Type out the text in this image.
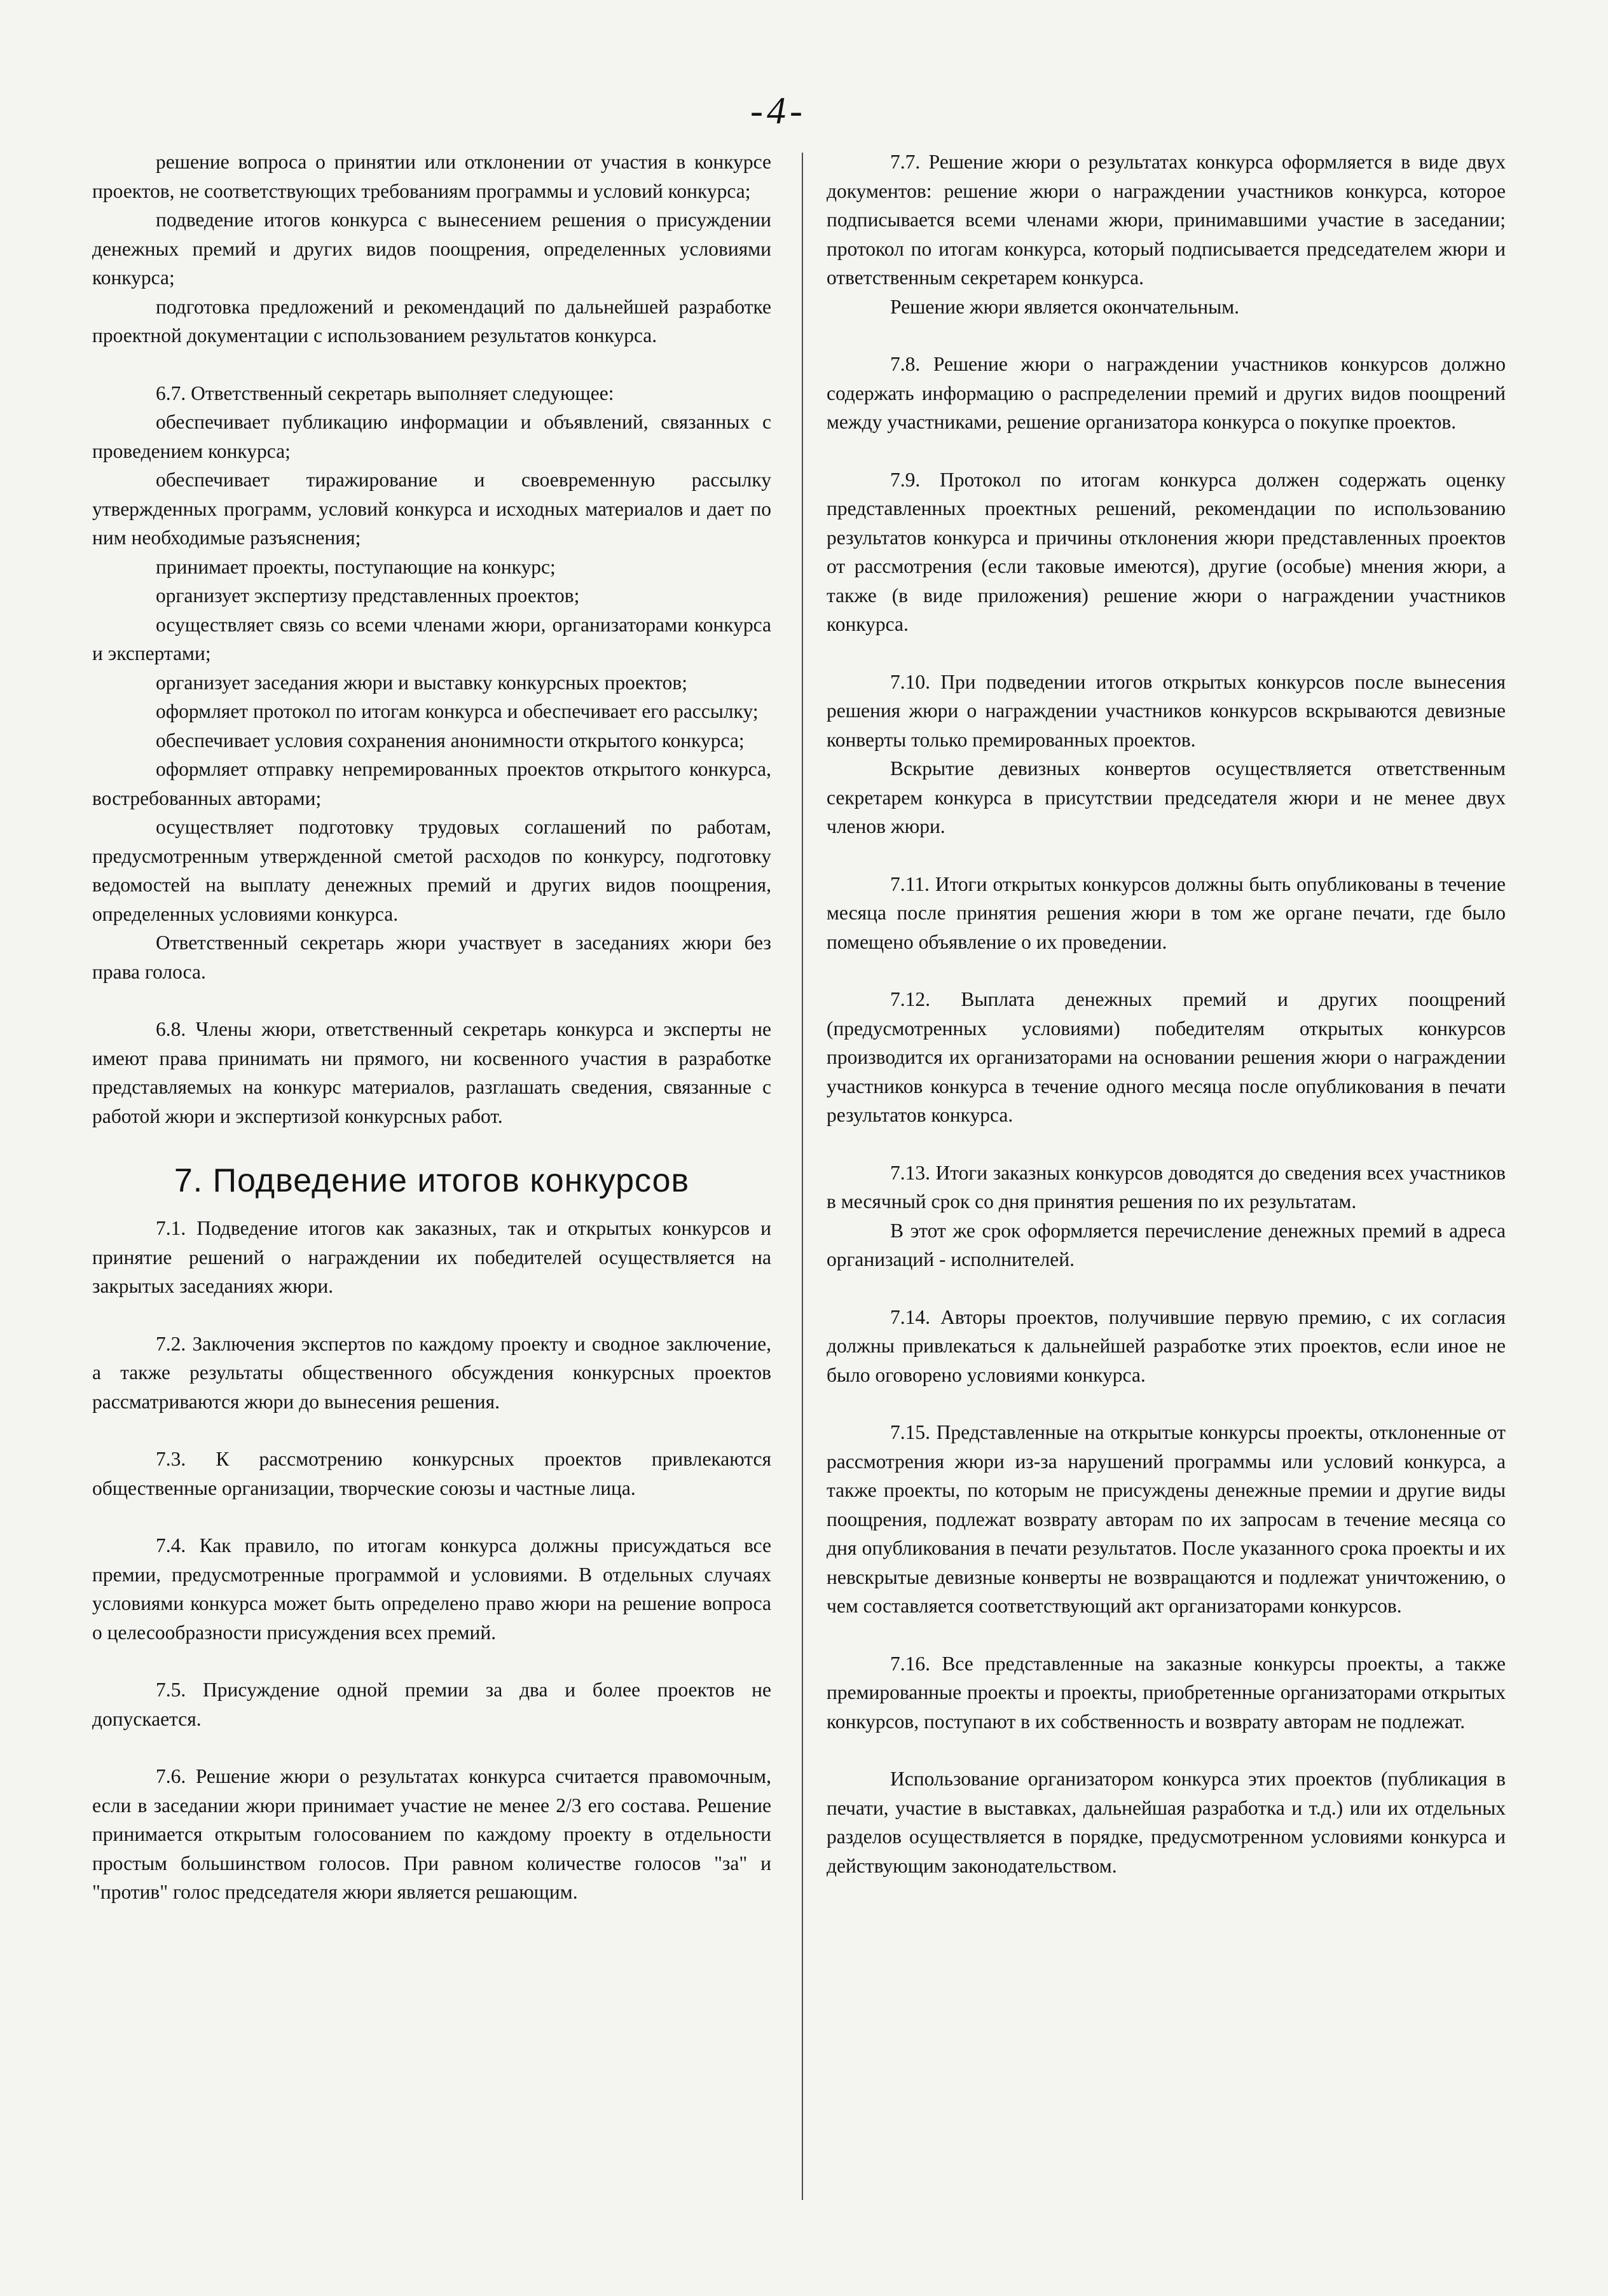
-4-

решение вопроса о принятии или отклонении от участия в конкурсе проектов, не соответствующих требованиям программы и условий конкурса;

подведение итогов конкурса с вынесением решения о присуждении денежных премий и других видов поощрения, определенных условиями конкурса;

подготовка предложений и рекомендаций по дальнейшей разработке проектной документации с использованием результатов конкурса.

6.7. Ответственный секретарь выполняет следующее:

обеспечивает публикацию информации и объявлений, связанных с проведением конкурса;

обеспечивает тиражирование и своевременную рассылку утвержденных программ, условий конкурса и исходных материалов и дает по ним необходимые разъяснения;

принимает проекты, поступающие на конкурс;

организует экспертизу представленных проектов;

осуществляет связь со всеми членами жюри, организаторами конкурса и экспертами;

организует заседания жюри и выставку конкурсных проектов;

оформляет протокол по итогам конкурса и обеспечивает его рассылку;

обеспечивает условия сохранения анонимности открытого конкурса;

оформляет отправку непремированных проектов открытого конкурса, востребованных авторами;

осуществляет подготовку трудовых соглашений по работам, предусмотренным утвержденной сметой расходов по конкурсу, подготовку ведомостей на выплату денежных премий и других видов поощрения, определенных условиями конкурса.

Ответственный секретарь жюри участвует в заседаниях жюри без права голоса.

6.8. Члены жюри, ответственный секретарь конкурса и эксперты не имеют права принимать ни прямого, ни косвенного участия в разработке представляемых на конкурс материалов, разглашать сведения, связанные с работой жюри и экспертизой конкурсных работ.

7. Подведение итогов конкурсов

7.1. Подведение итогов как заказных, так и открытых конкурсов и принятие решений о награждении их победителей осуществляется на закрытых заседаниях жюри.

7.2. Заключения экспертов по каждому проекту и сводное заключение, а также результаты общественного обсуждения конкурсных проектов рассматриваются жюри до вынесения решения.

7.3. К рассмотрению конкурсных проектов привлекаются общественные организации, творческие союзы и частные лица.

7.4. Как правило, по итогам конкурса должны присуждаться все премии, предусмотренные программой и условиями. В отдельных случаях условиями конкурса может быть определено право жюри на решение вопроса о целесообразности присуждения всех премий.

7.5. Присуждение одной премии за два и более проектов не допускается.

7.6. Решение жюри о результатах конкурса считается правомочным, если в заседании жюри принимает участие не менее 2/3 его состава. Решение принимается открытым голосованием по каждому проекту в отдельности простым большинством голосов. При равном количестве голосов "за" и "против" голос председателя жюри является решающим.

7.7. Решение жюри о результатах конкурса оформляется в виде двух документов: решение жюри о награждении участников конкурса, которое подписывается всеми членами жюри, принимавшими участие в заседании; протокол по итогам конкурса, который подписывается председателем жюри и ответственным секретарем конкурса.

Решение жюри является окончательным.

7.8. Решение жюри о награждении участников конкурсов должно содержать информацию о распределении премий и других видов поощрений между участниками, решение организатора конкурса о покупке проектов.

7.9. Протокол по итогам конкурса должен содержать оценку представленных проектных решений, рекомендации по использованию результатов конкурса и причины отклонения жюри представленных проектов от рассмотрения (если таковые имеются), другие (особые) мнения жюри, а также (в виде приложения) решение жюри о награждении участников конкурса.

7.10. При подведении итогов открытых конкурсов после вынесения решения жюри о награждении участников конкурсов вскрываются девизные конверты только премированных проектов.

Вскрытие девизных конвертов осуществляется ответственным секретарем конкурса в присутствии председателя жюри и не менее двух членов жюри.

7.11. Итоги открытых конкурсов должны быть опубликованы в течение месяца после принятия решения жюри в том же органе печати, где было помещено объявление о их проведении.

7.12. Выплата денежных премий и других поощрений (предусмотренных условиями) победителям открытых конкурсов производится их организаторами на основании решения жюри о награждении участников конкурса в течение одного месяца после опубликования в печати результатов конкурса.

7.13. Итоги заказных конкурсов доводятся до сведения всех участников в месячный срок со дня принятия решения по их результатам.

В этот же срок оформляется перечисление денежных премий в адреса организаций - исполнителей.

7.14. Авторы проектов, получившие первую премию, с их согласия должны привлекаться к дальнейшей разработке этих проектов, если иное не было оговорено условиями конкурса.

7.15. Представленные на открытые конкурсы проекты, отклоненные от рассмотрения жюри из-за нарушений программы или условий конкурса, а также проекты, по которым не присуждены денежные премии и другие виды поощрения, подлежат возврату авторам по их запросам в течение месяца со дня опубликования в печати результатов. После указанного срока проекты и их невскрытые девизные конверты не возвращаются и подлежат уничтожению, о чем составляется соответствующий акт организаторами конкурсов.

7.16. Все представленные на заказные конкурсы проекты, а также премированные проекты и проекты, приобретенные организаторами открытых конкурсов, поступают в их собственность и возврату авторам не подлежат.

Использование организатором конкурса этих проектов (публикация в печати, участие в выставках, дальнейшая разработка и т.д.) или их отдельных разделов осуществляется в порядке, предусмотренном условиями конкурса и действующим законодательством.
